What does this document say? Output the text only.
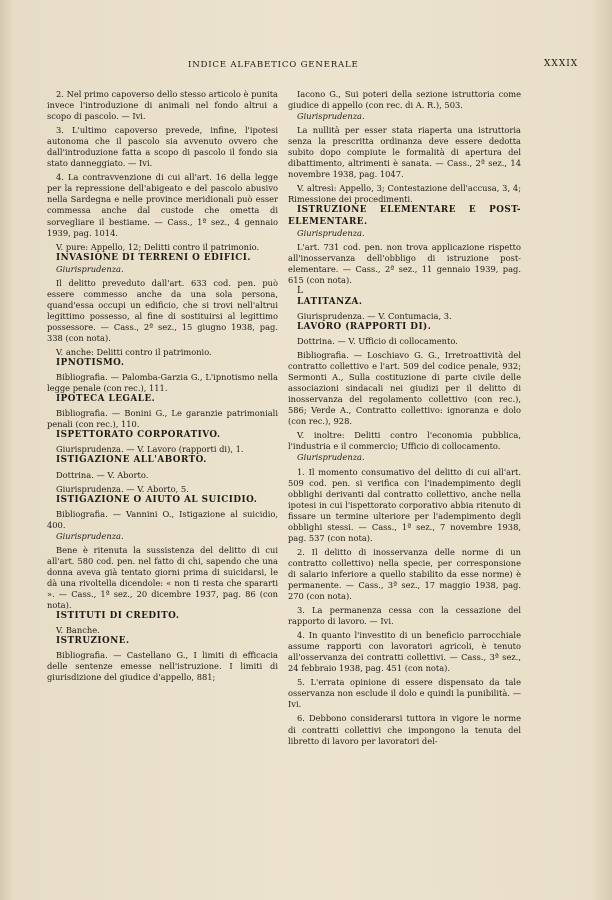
INDICE ALFABETICO GENERALE	XXXIX

2. Nel primo capoverso dello stesso articolo è punita invece l'introduzione di animali nel fondo altrui a scopo di pascolo. — Ivi.

3. L'ultimo capoverso prevede, infine, l'ipotesi autonoma che il pascolo sia avvenuto ovvero che dall'introduzione fatta a scopo di pascolo il fondo sia stato danneggiato. — Ivi.

4. La contravvenzione di cui all'art. 16 della legge per la repressione dell'abigeato e del pascolo abusivo nella Sardegna e nelle province meridionali può esser commessa anche dal custode che ometta di sorvegliare il bestiame. — Cass., 1ª sez., 4 gennaio 1939, pag. 1014.

V. pure: Appello, 12; Delitti contro il patrimonio.

INVASIONE DI TERRENI O EDIFICI.

Giurisprudenza.

Il delitto preveduto dall'art. 633 cod. pen. può essere commesso anche da una sola persona, quand'essa occupi un edificio, che si trovi nell'altrui legittimo possesso, al fine di sostituirsi al legittimo possessore. — Cass., 2ª sez., 15 giugno 1938, pag. 338 (con nota).

V. anche: Delitti contro il patrimonio.

IPNOTISMO.

Bibliografia. — Palomba-Garzia G., L'ipnotismo nella legge penale (con rec.), 111.

IPOTECA LEGALE.

Bibliografia. — Bonini G., Le garanzie patrimoniali penali (con rec.), 110.

ISPETTORATO CORPORATIVO.

Giurisprudenza. — V. Lavoro (rapporti di), 1.

ISTIGAZIONE ALL'ABORTO.

Dottrina. — V. Aborto.

Giurisprudenza. — V. Aborto, 5.

ISTIGAZIONE O AIUTO AL SUICIDIO.

Bibliografia. — Vannini O., Istigazione al suicidio, 400.

Giurisprudenza.

Bene è ritenuta la sussistenza del delitto di cui all'art. 580 cod. pen. nel fatto di chi, sapendo che una donna aveva già tentato giorni prima di suicidarsi, le dà una rivoltella dicendole: « non ti resta che spararti ». — Cass., 1ª sez., 20 dicembre 1937, pag. 86 (con nota).

ISTITUTI DI CREDITO.

V. Banche.

ISTRUZIONE.

Bibliografia. — Castellano G., I limiti di efficacia delle sentenze emesse nell'istruzione. I limiti di giurisdizione del giudice d'appello, 881;

Iacono G., Sui poteri della sezione istruttoria come giudice di appello (con rec. di A. R.), 503.

Giurisprudenza.

La nullità per esser stata riaperta una istruttoria senza la prescritta ordinanza deve essere dedotta subito dopo compiute le formalità di apertura del dibattimento, altrimenti è sanata. — Cass., 2ª sez., 14 novembre 1938, pag. 1047.

V. altresì: Appello, 3; Contestazione dell'accusa, 3, 4; Rimessione dei procedimenti.

ISTRUZIONE ELEMENTARE E POST-ELEMENTARE.

Giurisprudenza.

L'art. 731 cod. pen. non trova applicazione rispetto all'inosservanza dell'obbligo di istruzione post-elementare. — Cass., 2ª sez., 11 gennaio 1939, pag. 615 (con nota).

L

LATITANZA.

Giurisprudenza. — V. Contumacia, 3.

LAVORO (RAPPORTI DI).

Dottrina. — V. Ufficio di collocamento.

Bibliografia. — Loschiavo G. G., Irretroattività del contratto collettivo e l'art. 509 del codice penale, 932; Sermonti A., Sulla costituzione di parte civile delle associazioni sindacali nei giudizi per il delitto di inosservanza del regolamento collettivo (con rec.), 586; Verde A., Contratto collettivo: ignoranza e dolo (con rec.), 928.

V. inoltre: Delitti contro l'economia pubblica, l'industria e il commercio; Ufficio di collocamento.

Giurisprudenza.

1. Il momento consumativo del delitto di cui all'art. 509 cod. pen. si verifica con l'inadempimento degli obblighi derivanti dal contratto collettivo, anche nella ipotesi in cui l'ispettorato corporativo abbia ritenuto di fissare un termine ulteriore per l'adempimento degli obblighi stessi. — Cass., 1ª sez., 7 novembre 1938, pag. 537 (con nota).

2. Il delitto di inosservanza delle norme di un contratto collettivo) nella specie, per corresponsione di salario inferiore a quello stabilito da esse norme) è permanente. — Cass., 3ª sez., 17 maggio 1938, pag. 270 (con nota).

3. La permanenza cessa con la cessazione del rapporto di lavoro. — Ivi.

4. In quanto l'investito di un beneficio parrocchiale assume rapporti con lavoratori agricoli, è tenuto all'osservanza dei contratti collettivi. — Cass., 3ª sez., 24 febbraio 1938, pag. 451 (con nota).

5. L'errata opinione di essere dispensato da tale osservanza non esclude il dolo e quindi la punibilità. — Ivi.

6. Debbono considerarsi tuttora in vigore le norme di contratti collettivi che impongono la tenuta del libretto di lavoro per lavoratori del-
